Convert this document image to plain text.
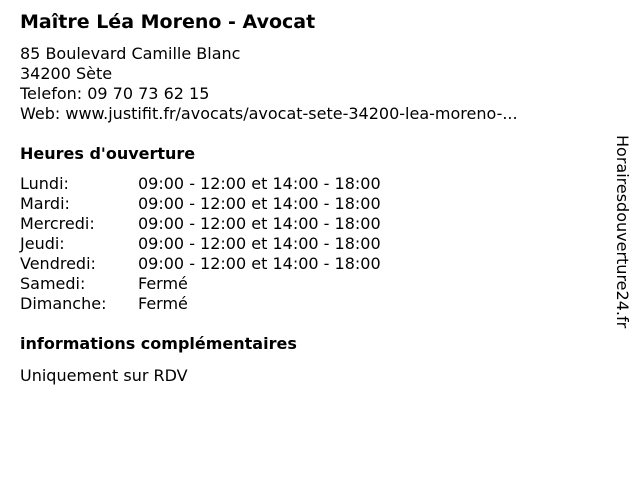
Maître Léa Moreno - Avocat
85 Boulevard Camille Blanc
34200 Sète
Telefon: 09 70 73 62 15
Web: www.justifit.fr/avocats/avocat-sete-34200-lea-moreno-...
Heures d'ouverture
Lundi:	09:00 - 12:00 et 14:00 - 18:00
Mardi:	09:00 - 12:00 et 14:00 - 18:00
Mercredi:	09:00 - 12:00 et 14:00 - 18:00
Jeudi:	09:00 - 12:00 et 14:00 - 18:00
Vendredi:	09:00 - 12:00 et 14:00 - 18:00
Samedi:	Fermé
Dimanche: Fermé
informations complémentaires
Uniquement sur RDV
Horairesdouverture24.fr
